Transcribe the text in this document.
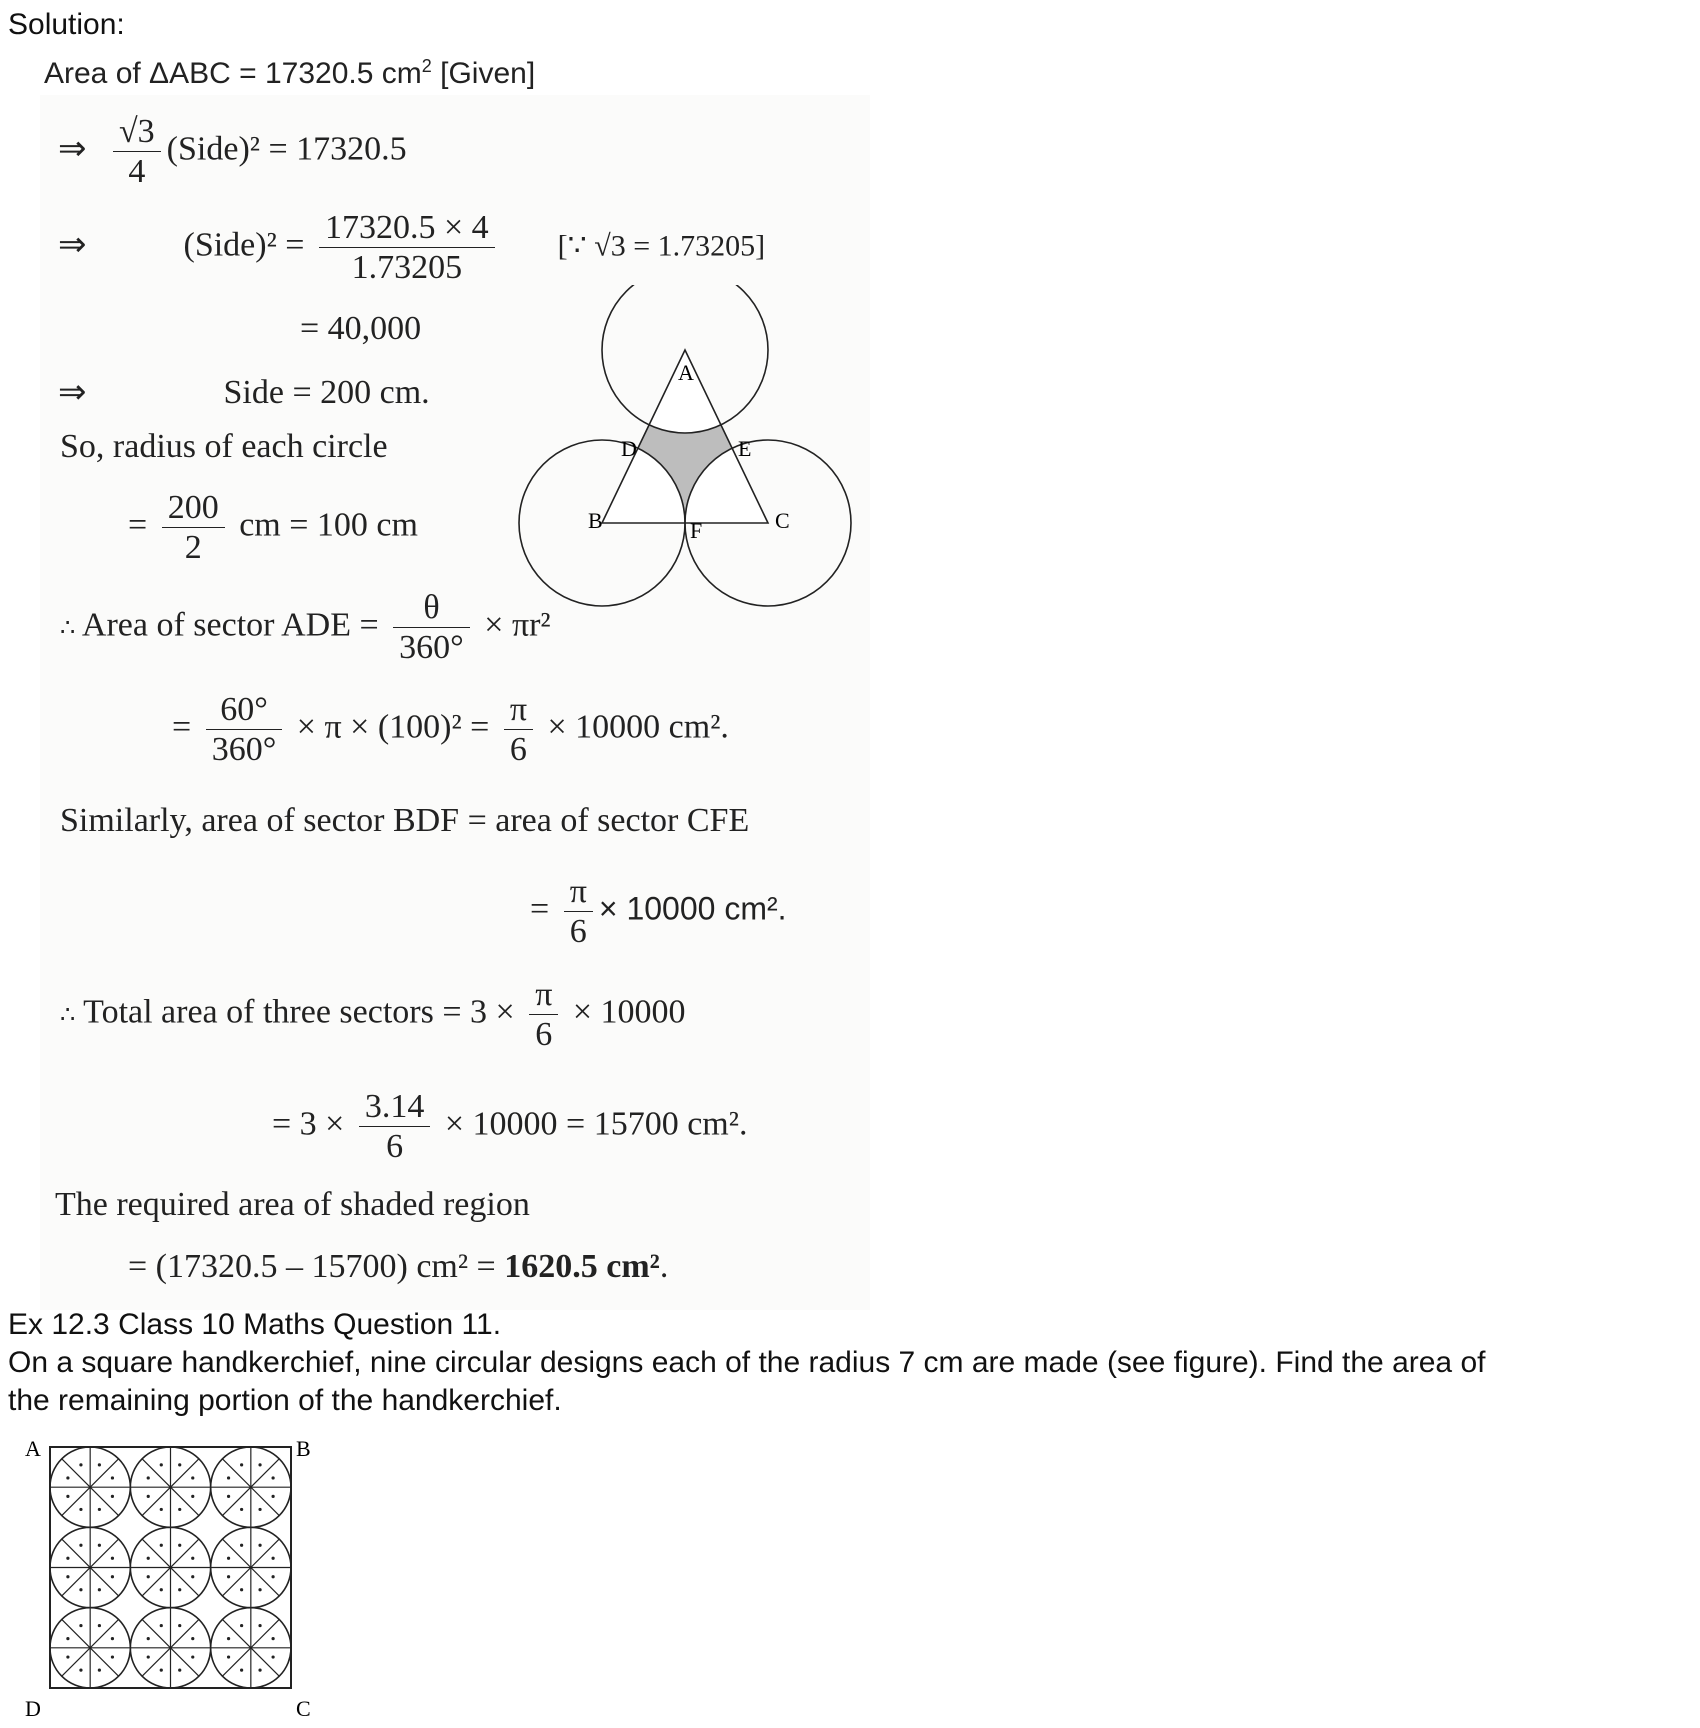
Solution:
Area of ΔABC = 17320.5 $cm^2$ [Given]
⇒ $\frac{√3}{4}$ (Side)² = 17320.5
⇒	(Side)² = $\frac{17320.5 \times 4}{1.73205}$ [∵ √3 = 1.73205]
= 40,000
⇒	Side = 200 cm.
So, radius of each circle
= $\frac{200}{2}$ cm = 100 cm
A
B	C
D	E
F
∴ Area of sector ADE = $\frac{\theta}{360^\circ} \times \pi r^2$
= $\frac{60^\circ}{360^\circ} \times \pi \times (100)^2 = \frac{\pi}{6} \times 10000$ cm².
Similarly, area of sector BDF = area of sector CFE
= $\frac{\pi}{6} \times 10000$ cm².
∴ Total area of three sectors = $3 \times \frac{\pi}{6} \times 10000$
= $3 \times \frac{3.14}{6} \times 10000 = 15700$ cm².
The required area of shaded region
= (17320.5 – 15700) cm² = 1620.5 cm².
Ex 12.3 Class 10 Maths Question 11.
On a square handkerchief, nine circular designs each of the radius 7 cm are made (see figure). Find the area of
the remaining portion of the handkerchief.
A	B
C
D
